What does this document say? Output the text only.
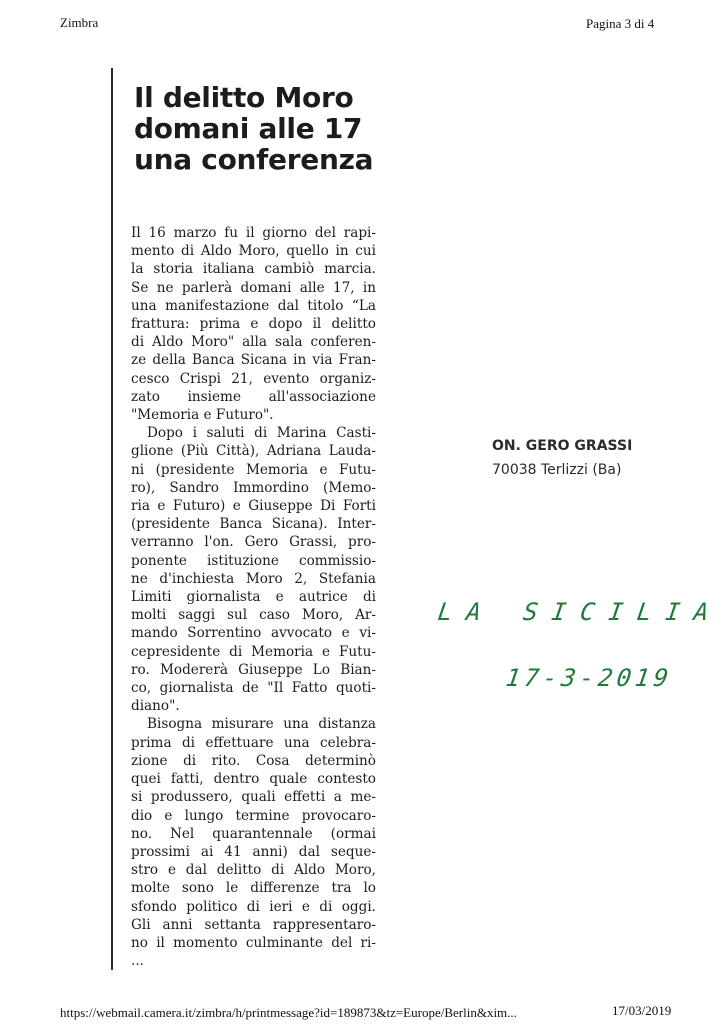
Zimbra	Pagina 3 di 4
Il delitto Moro
domani alle 17
una conferenza
Il 16 marzo fu il giorno del rapi-
mento di Aldo Moro, quello in cui
la storia italiana cambiò marcia.
Se ne parlerà domani alle 17, in
una manifestazione dal titolo “La
frattura: prima e dopo il delitto
di Aldo Moro" alla sala conferen-
ze della Banca Sicana in via Fran-
cesco Crispi 21, evento organiz-
zato insieme all'associazione
"Memoria e Futuro".
Dopo i saluti di Marina Casti-
glione (Più Città), Adriana Lauda-
ni (presidente Memoria e Futu-
ro), Sandro Immordino (Memo-
ria e Futuro) e Giuseppe Di Forti
(presidente Banca Sicana). Inter-
verranno l'on. Gero Grassi, pro-
ponente istituzione commissio-
ne d'inchiesta Moro 2, Stefania
Limiti giornalista e autrice di
molti saggi sul caso Moro, Ar-
mando Sorrentino avvocato e vi-
cepresidente di Memoria e Futu-
ro. Modererà Giuseppe Lo Bian-
co, giornalista de "Il Fatto quoti-
diano".
Bisogna misurare una distanza
prima di effettuare una celebra-
zione di rito. Cosa determinò
quei fatti, dentro quale contesto
si produssero, quali effetti a me-
dio e lungo termine provocaro-
no. Nel quarantennale (ormai
prossimi ai 41 anni) dal seque-
stro e dal delitto di Aldo Moro,
molte sono le differenze tra lo
sfondo politico di ieri e di oggi.
Gli anni settanta rappresentaro-
no il momento culminante del ri-
...
ON. GERO GRASSI
70038 Terlizzi (Ba)
LA SICILIA
17-3-2019
https://webmail.camera.it/zimbra/h/printmessage?id=189873&tz=Europe/Berlin&xim...	17/03/2019
